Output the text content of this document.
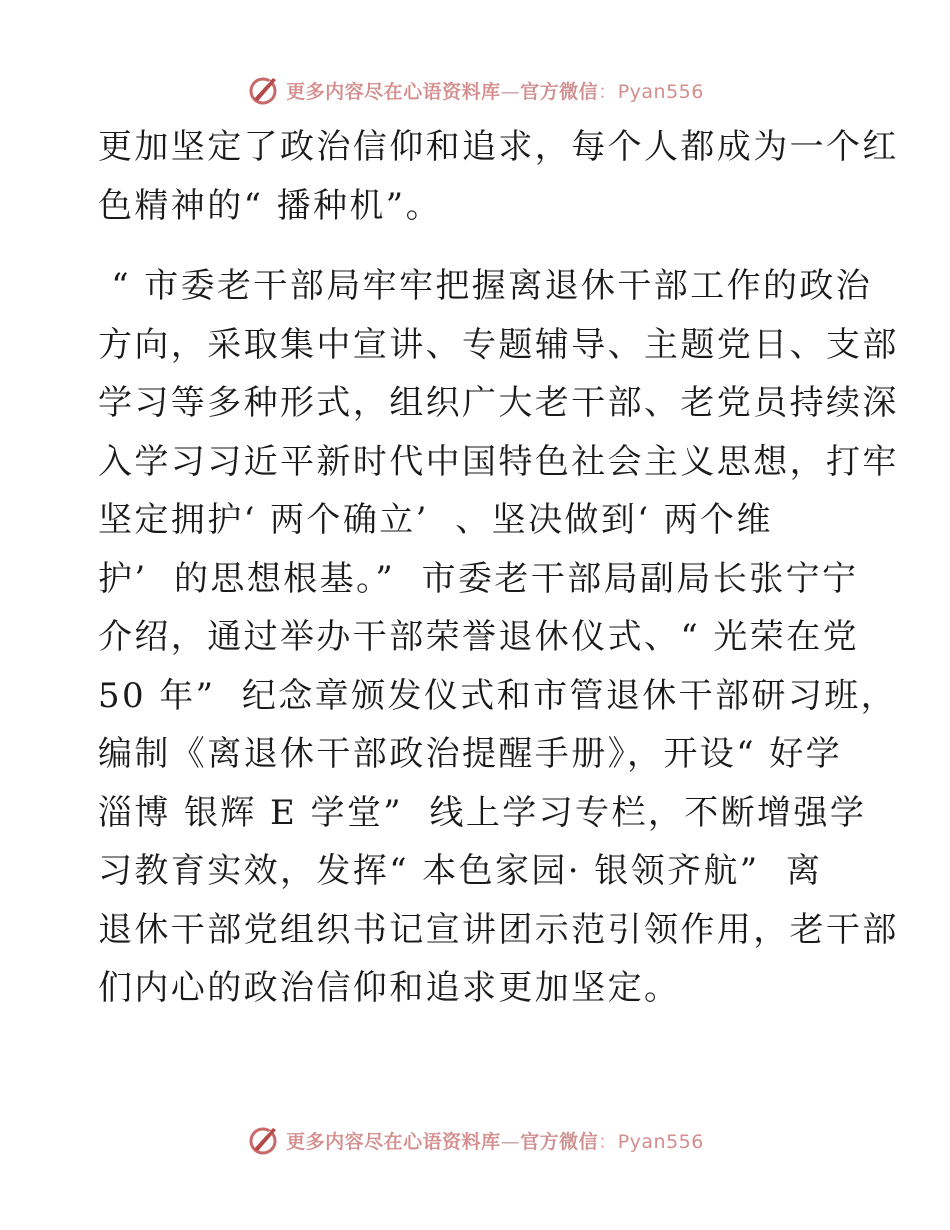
更多内容尽在心语资料库—官方微信：Pyan556
更加坚定了政治信仰和追求，每个人都成为一个红
色精神的“ 播种机”。
“ 市委老干部局牢牢把握离退休干部工作的政治
方向，采取集中宣讲、专题辅导、主题党日、支部
学习等多种形式，组织广大老干部、老党员持续深
入学习习近平新时代中国特色社会主义思想，打牢
坚定拥护‘ 两个确立’  、坚决做到‘ 两个维
护’  的思想根基。”  市委老干部局副局长张宁宁
介绍，通过举办干部荣誉退休仪式、“ 光荣在党
50 年”  纪念章颁发仪式和市管退休干部研习班，
编制《离退休干部政治提醒手册》，开设“ 好学
淄博 银辉 E 学堂”  线上学习专栏，不断增强学
习教育实效，发挥“ 本色家园· 银领齐航”  离
退休干部党组织书记宣讲团示范引领作用，老干部
们内心的政治信仰和追求更加坚定。
更多内容尽在心语资料库—官方微信：Pyan556
